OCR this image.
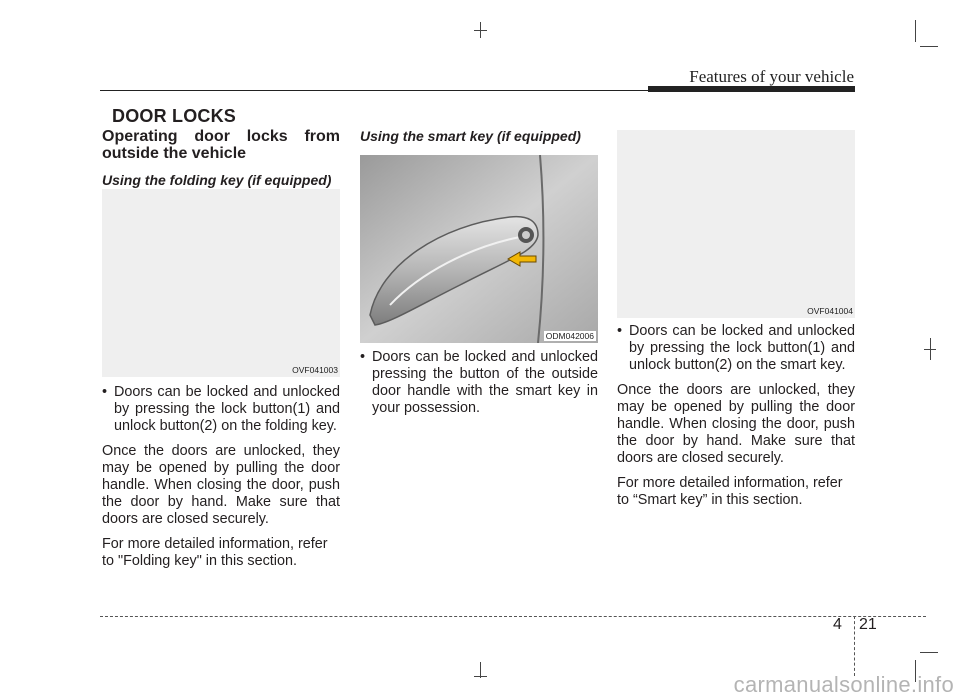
Features of your vehicle
DOOR LOCKS

Operating door locks from outside the vehicle

Using the folding key (if equipped)

OVF041003

• Doors can be locked and unlocked by pressing the lock button(1) and unlock button(2) on the folding key.

Once the doors are unlocked, they may be opened by pulling the door handle. When closing the door, push the door by hand. Make sure that doors are closed securely.

For more detailed information, refer to "Folding key" in this section.

Using the smart key (if equipped)

ODM042006

• Doors can be locked and unlocked pressing the button of the outside door handle with the smart key in your possession.

OVF041004

• Doors can be locked and unlocked by pressing the lock button(1) and unlock button(2) on the smart key.

Once the doors are unlocked, they may be opened by pulling the door handle. When closing the door, push the door by hand. Make sure that doors are closed securely.

For more detailed information, refer to “Smart key” in this section.

4 21
carmanualsonline.info
